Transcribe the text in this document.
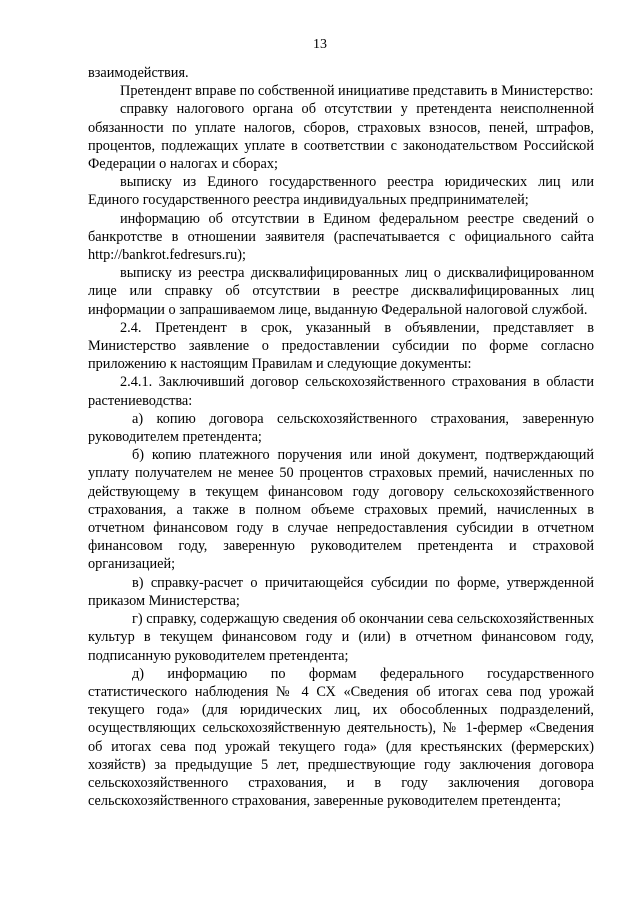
13

взаимодействия.

Претендент вправе по собственной инициативе представить в Министерство:

справку налогового органа об отсутствии у претендента неисполненной обязанности по уплате налогов, сборов, страховых взносов, пеней, штрафов, процентов, подлежащих уплате в соответствии с законодательством Российской Федерации о налогах и сборах;

выписку из Единого государственного реестра юридических лиц или Единого государственного реестра индивидуальных предпринимателей;

информацию об отсутствии в Едином федеральном реестре сведений о банкротстве в отношении заявителя (распечатывается с официального сайта http://bankrot.fedresurs.ru);

выписку из реестра дисквалифицированных лиц о дисквалифицированном лице или справку об отсутствии в реестре дисквалифицированных лиц информации о запрашиваемом лице, выданную Федеральной налоговой службой.

2.4. Претендент в срок, указанный в объявлении, представляет в Министерство заявление о предоставлении субсидии по форме согласно приложению к настоящим Правилам и следующие документы:

2.4.1. Заключивший договор сельскохозяйственного страхования в области растениеводства:

а) копию договора сельскохозяйственного страхования, заверенную руководителем претендента;

б) копию платежного поручения или иной документ, подтверждающий уплату получателем не менее 50 процентов страховых премий, начисленных по действующему в текущем финансовом году договору сельскохозяйственного страхования, а также в полном объеме страховых премий, начисленных в отчетном финансовом году в случае непредоставления субсидии в отчетном финансовом году, заверенную руководителем претендента и страховой организацией;

в) справку-расчет о причитающейся субсидии по форме, утвержденной приказом Министерства;

г) справку, содержащую сведения об окончании сева сельскохозяйственных культур в текущем финансовом году и (или) в отчетном финансовом году, подписанную руководителем претендента;

д) информацию по формам федерального государственного статистического наблюдения № 4 СХ «Сведения об итогах сева под урожай текущего года» (для юридических лиц, их обособленных подразделений, осуществляющих сельскохозяйственную деятельность), № 1-фермер «Сведения об итогах сева под урожай текущего года» (для крестьянских (фермерских) хозяйств) за предыдущие 5 лет, предшествующие году заключения договора сельскохозяйственного страхования, и в году заключения договора сельскохозяйственного страхования, заверенные руководителем претендента;
